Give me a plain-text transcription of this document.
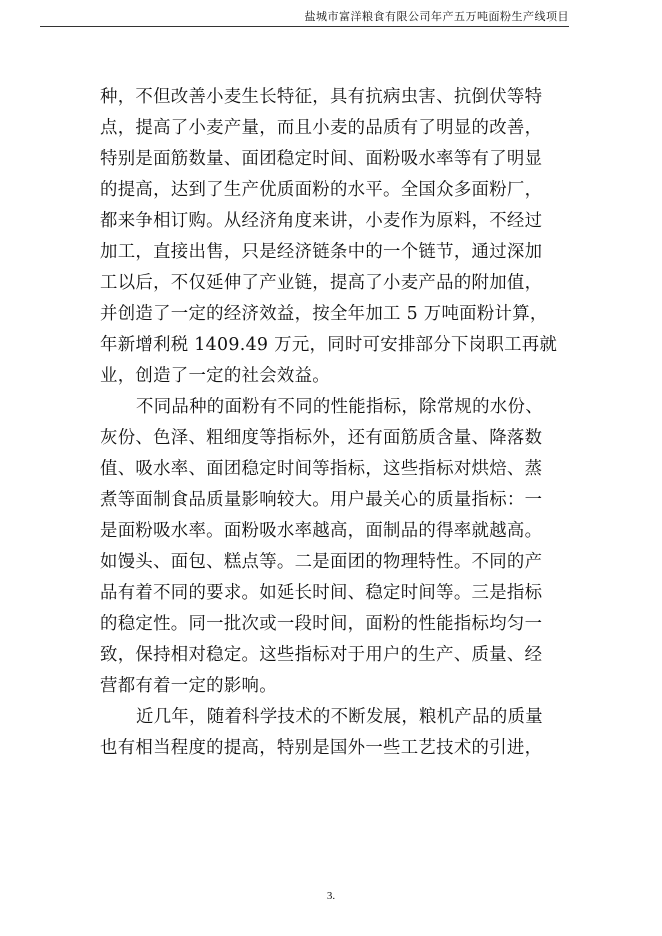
盐城市富洋粮食有限公司年产五万吨面粉生产线项目
种，不但改善小麦生长特征，具有抗病虫害、抗倒伏等特
点，提高了小麦产量，而且小麦的品质有了明显的改善，
特别是面筋数量、面团稳定时间、面粉吸水率等有了明显
的提高，达到了生产优质面粉的水平。全国众多面粉厂，
都来争相订购。从经济角度来讲，小麦作为原料，不经过
加工，直接出售，只是经济链条中的一个链节，通过深加
工以后，不仅延伸了产业链，提高了小麦产品的附加值，
并创造了一定的经济效益，按全年加工 5 万吨面粉计算，
年新增利税 1409.49 万元，同时可安排部分下岗职工再就
业，创造了一定的社会效益。
不同品种的面粉有不同的性能指标，除常规的水份、
灰份、色泽、粗细度等指标外，还有面筋质含量、降落数
值、吸水率、面团稳定时间等指标，这些指标对烘焙、蒸
煮等面制食品质量影响较大。用户最关心的质量指标：一
是面粉吸水率。面粉吸水率越高，面制品的得率就越高。
如馒头、面包、糕点等。二是面团的物理特性。不同的产
品有着不同的要求。如延长时间、稳定时间等。三是指标
的稳定性。同一批次或一段时间，面粉的性能指标均匀一
致，保持相对稳定。这些指标对于用户的生产、质量、经
营都有着一定的影响。
近几年，随着科学技术的不断发展，粮机产品的质量
也有相当程度的提高，特别是国外一些工艺技术的引进，
3.
